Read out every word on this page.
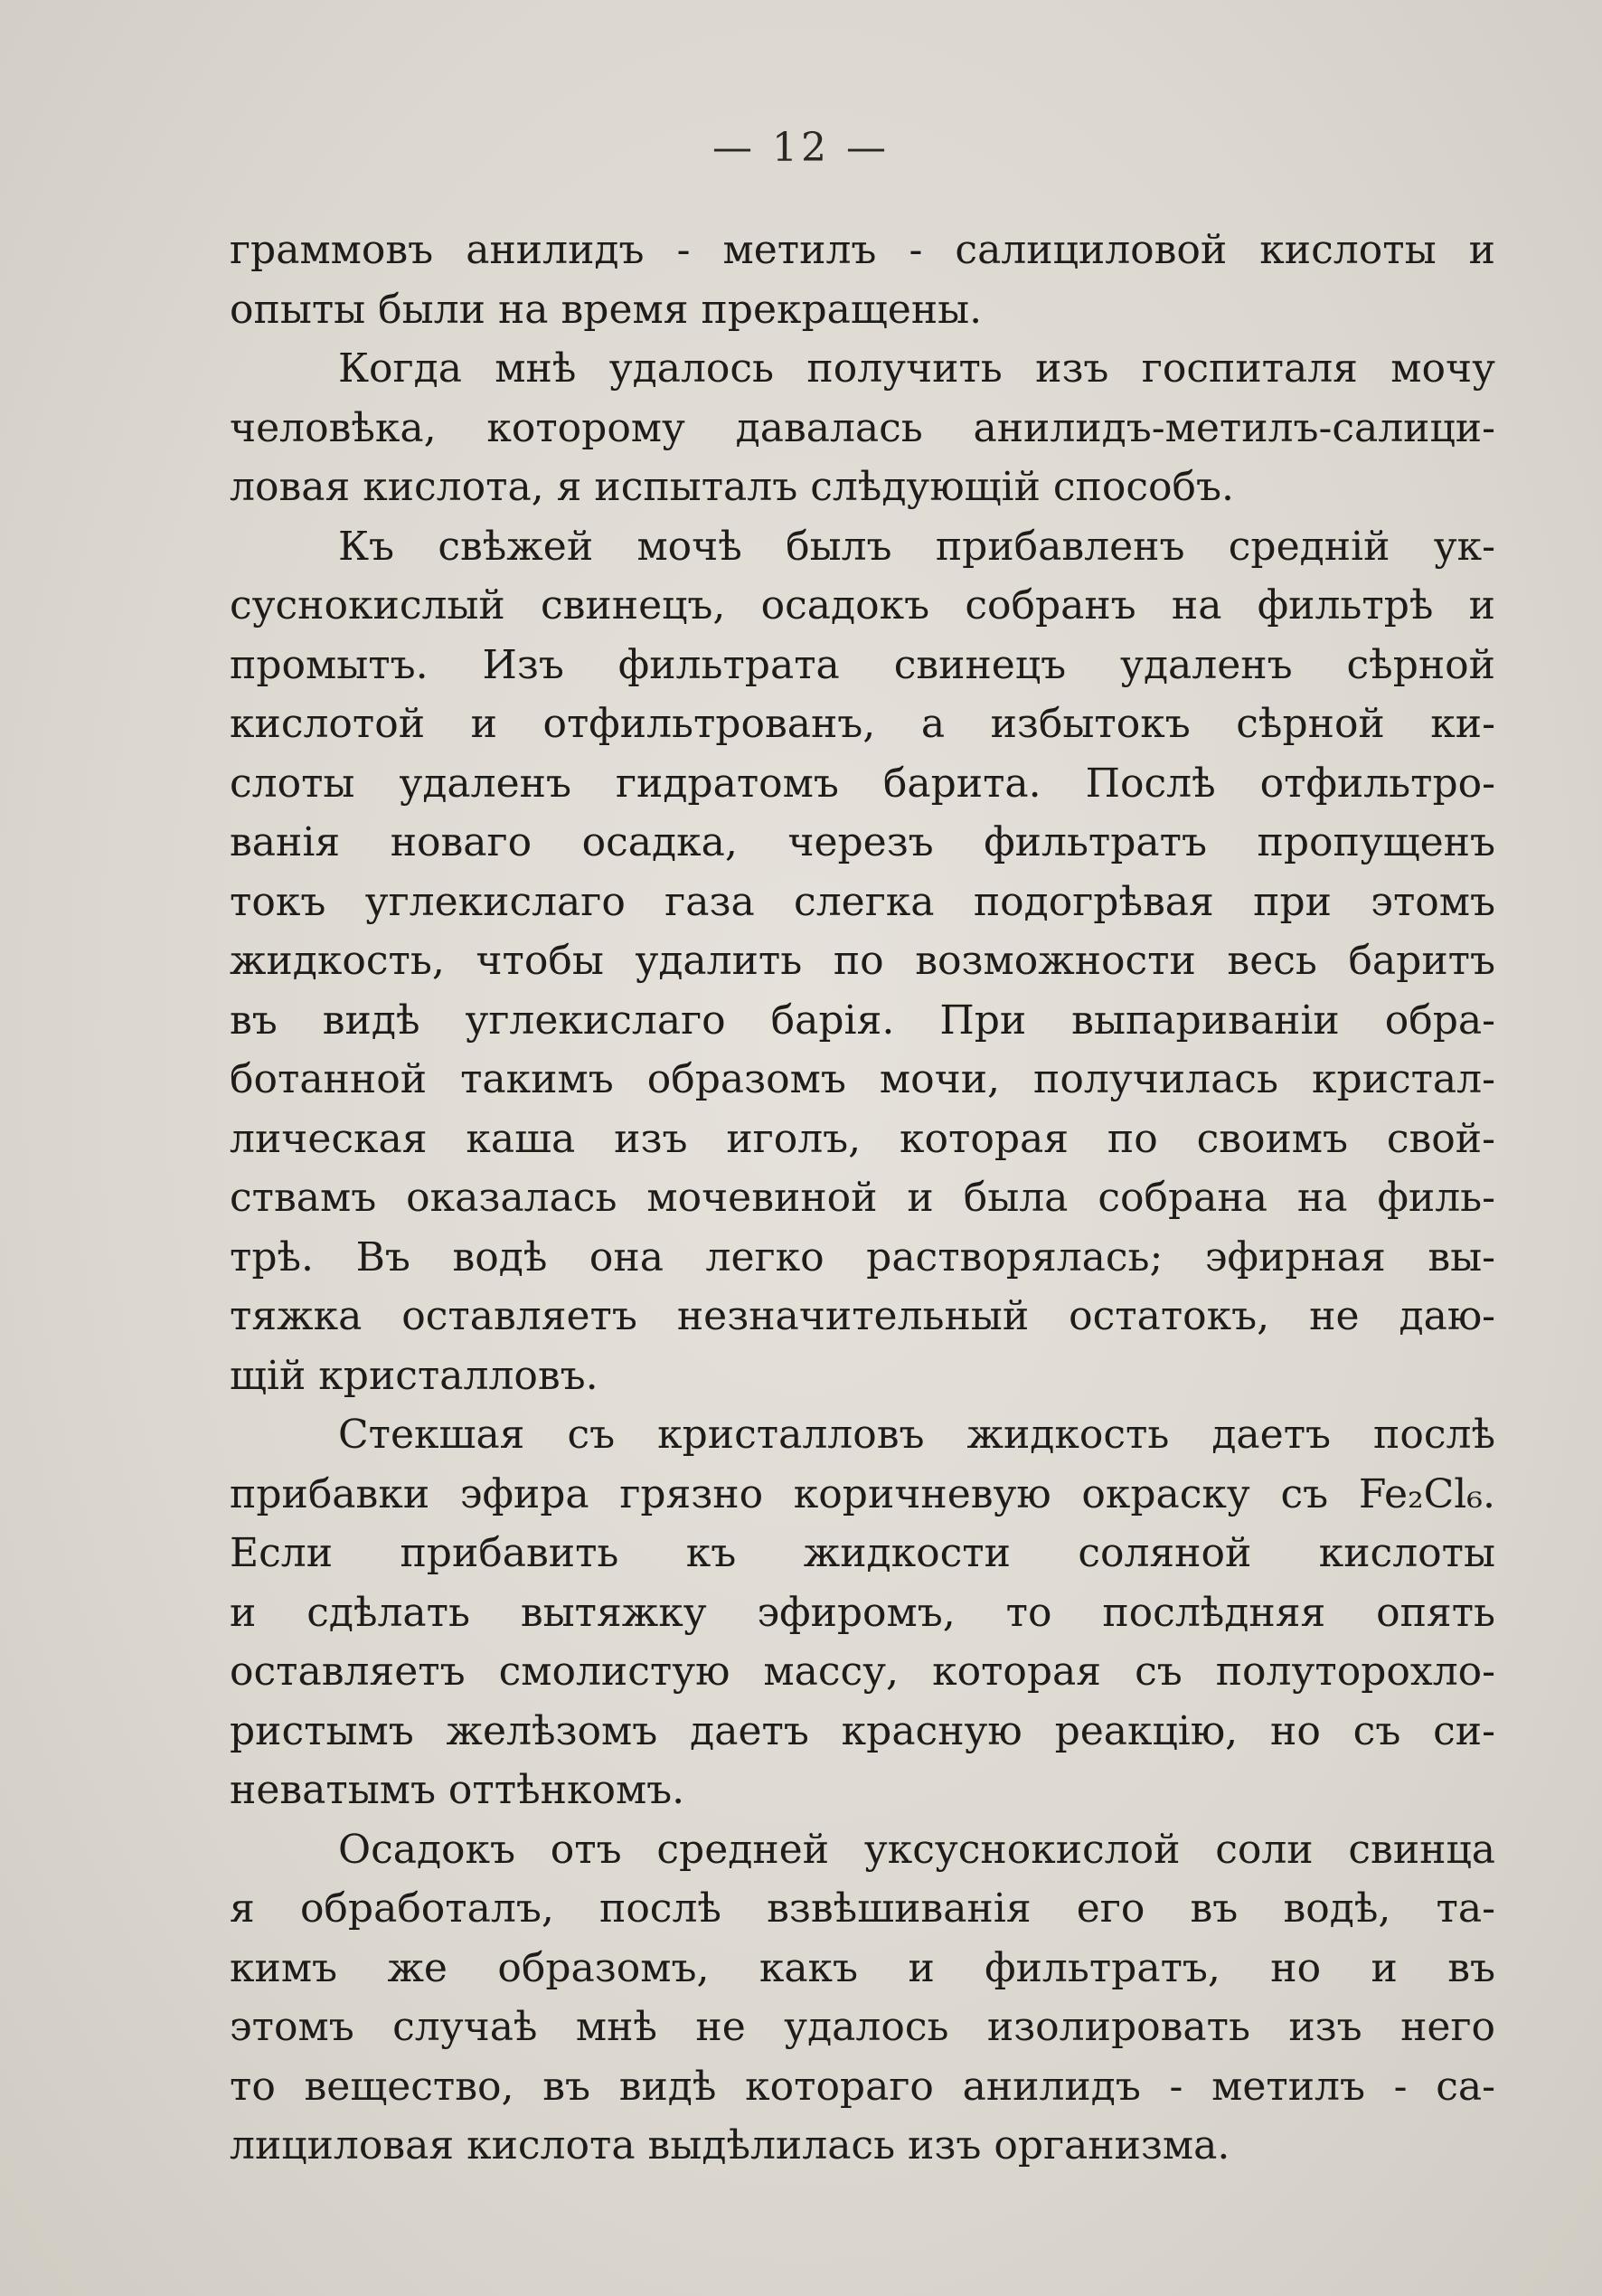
— 12 —
граммовъ анилидъ - метилъ - салициловой кислоты и
опыты были на время прекращены.
Когда мнѣ удалось получить изъ госпиталя мочу
человѣка, которому давалась анилидъ-метилъ-салици-
ловая кислота, я испыталъ слѣдующій способъ.
Къ свѣжей мочѣ былъ прибавленъ средній ук-
суснокислый свинецъ, осадокъ собранъ на фильтрѣ и
промытъ. Изъ фильтрата свинецъ удаленъ сѣрной
кислотой и отфильтрованъ, а избытокъ сѣрной ки-
слоты удаленъ гидратомъ барита. Послѣ отфильтро-
ванія новаго осадка, черезъ фильтратъ пропущенъ
токъ углекислаго газа слегка подогрѣвая при этомъ
жидкость, чтобы удалить по возможности весь баритъ
въ видѣ углекислаго барія. При выпариваніи обра-
ботанной такимъ образомъ мочи, получилась кристал-
лическая каша изъ иголъ, которая по своимъ свой-
ствамъ оказалась мочевиной и была собрана на филь-
трѣ. Въ водѣ она легко растворялась; эфирная вы-
тяжка оставляетъ незначительный остатокъ, не дaю-
щій кристалловъ.
Стекшая съ кристалловъ жидкость даетъ послѣ
прибавки эфира грязно коричневую окраску съ Fe₂Cl₆.
Если прибавить къ жидкости соляной кислоты
и сдѣлать вытяжку эфиромъ, то послѣдняя опять
оставляетъ смолистую массу, которая съ полуторохло-
ристымъ желѣзомъ даетъ красную реакцію, но съ си-
неватымъ оттѣнкомъ.
Осадокъ отъ средней уксуснокислой соли свинца
я обработалъ, послѣ взвѣшиванія его въ водѣ, та-
кимъ же образомъ, какъ и фильтратъ, но и въ
этомъ случаѣ мнѣ не удалось изолировать изъ него
то вещество, въ видѣ котораго анилидъ - метилъ - са-
лициловая кислота выдѣлилась изъ организма.
